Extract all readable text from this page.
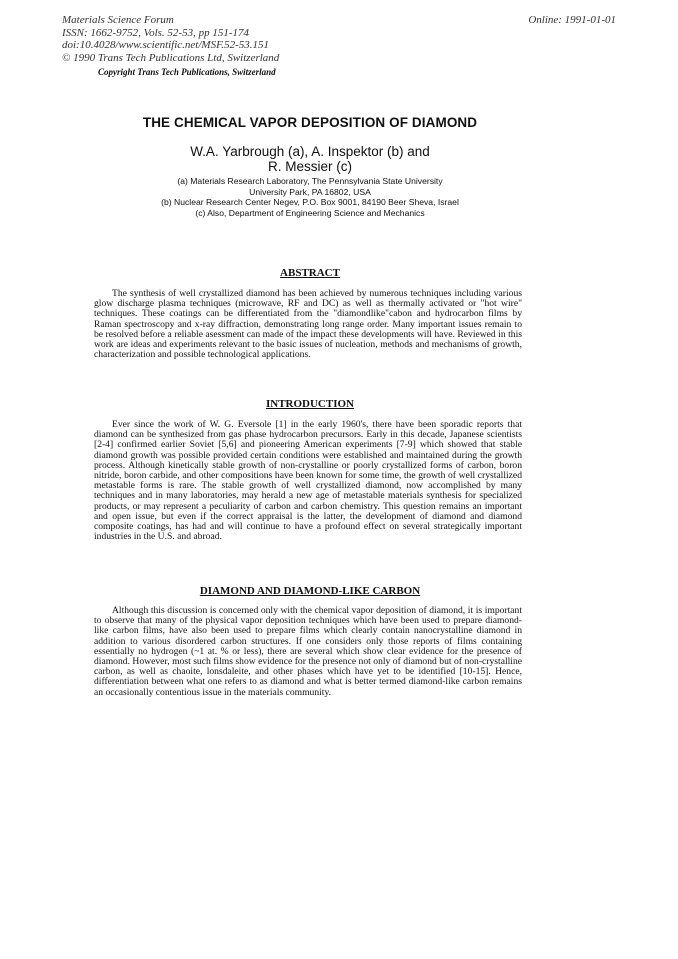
Materials Science Forum
ISSN: 1662-9752, Vols. 52-53, pp 151-174
doi:10.4028/www.scientific.net/MSF.52-53.151
© 1990 Trans Tech Publications Ltd, Switzerland
Online: 1991-01-01
Copyright Trans Tech Publications, Switzerland
THE CHEMICAL VAPOR DEPOSITION OF DIAMOND
W.A. Yarbrough (a), A. Inspektor (b) and
R. Messier (c)
(a) Materials Research Laboratory, The Pennsylvania State University
University Park, PA 16802, USA
(b) Nuclear Research Center Negev, P.O. Box 9001, 84190 Beer Sheva, Israel
(c) Also, Department of Engineering Science and Mechanics
ABSTRACT

The synthesis of well crystallized diamond has been achieved by numerous techniques including various glow discharge plasma techniques (microwave, RF and DC) as well as thermally activated or "hot wire" techniques. These coatings can be differentiated from the "diamondlike"cabon and hydrocarbon films by Raman spectroscopy and x-ray diffraction, demonstrating long range order. Many important issues remain to be resolved before a reliable asessment can made of the impact these developments will have. Reviewed in this work are ideas and experiments relevant to the basic issues of nucleation, methods and mechanisms of growth, characterization and possible technological applications.

INTRODUCTION

Ever since the work of W. G. Eversole [1] in the early 1960's, there have been sporadic reports that diamond can be synthesized from gas phase hydrocarbon precursors. Early in this decade, Japanese scientists [2-4] confirmed earlier Soviet [5,6] and pioneering American experiments [7-9] which showed that stable diamond growth was possible provided certain conditions were established and maintained during the growth process. Although kinetically stable growth of non-crystalline or poorly crystallized forms of carbon, boron nitride, boron carbide, and other compositions have been known for some time, the growth of well crystallized metastable forms is rare. The stable growth of well crystallized diamond, now accomplished by many techniques and in many laboratories, may herald a new age of metastable materials synthesis for specialized products, or may represent a peculiarity of carbon and carbon chemistry. This question remains an important and open issue, but even if the correct appraisal is the latter, the development of diamond and diamond composite coatings, has had and will continue to have a profound effect on several strategically important industries in the U.S. and abroad.

DIAMOND AND DIAMOND-LIKE CARBON

Although this discussion is concerned only with the chemical vapor deposition of diamond, it is important to observe that many of the physical vapor deposition techniques which have been used to prepare diamond-like carbon films, have also been used to prepare films which clearly contain nanocrystalline diamond in addition to various disordered carbon structures. If one considers only those reports of films containing essentially no hydrogen (~1 at. % or less), there are several which show clear evidence for the presence of diamond. However, most such films show evidence for the presence not only of diamond but of non-crystalline carbon, as well as chaoite, lonsdaleite, and other phases which have yet to be identified [10-15]. Hence, differentiation between what one refers to as diamond and what is better termed diamond-like carbon remains an occasionally contentious issue in the materials community.
